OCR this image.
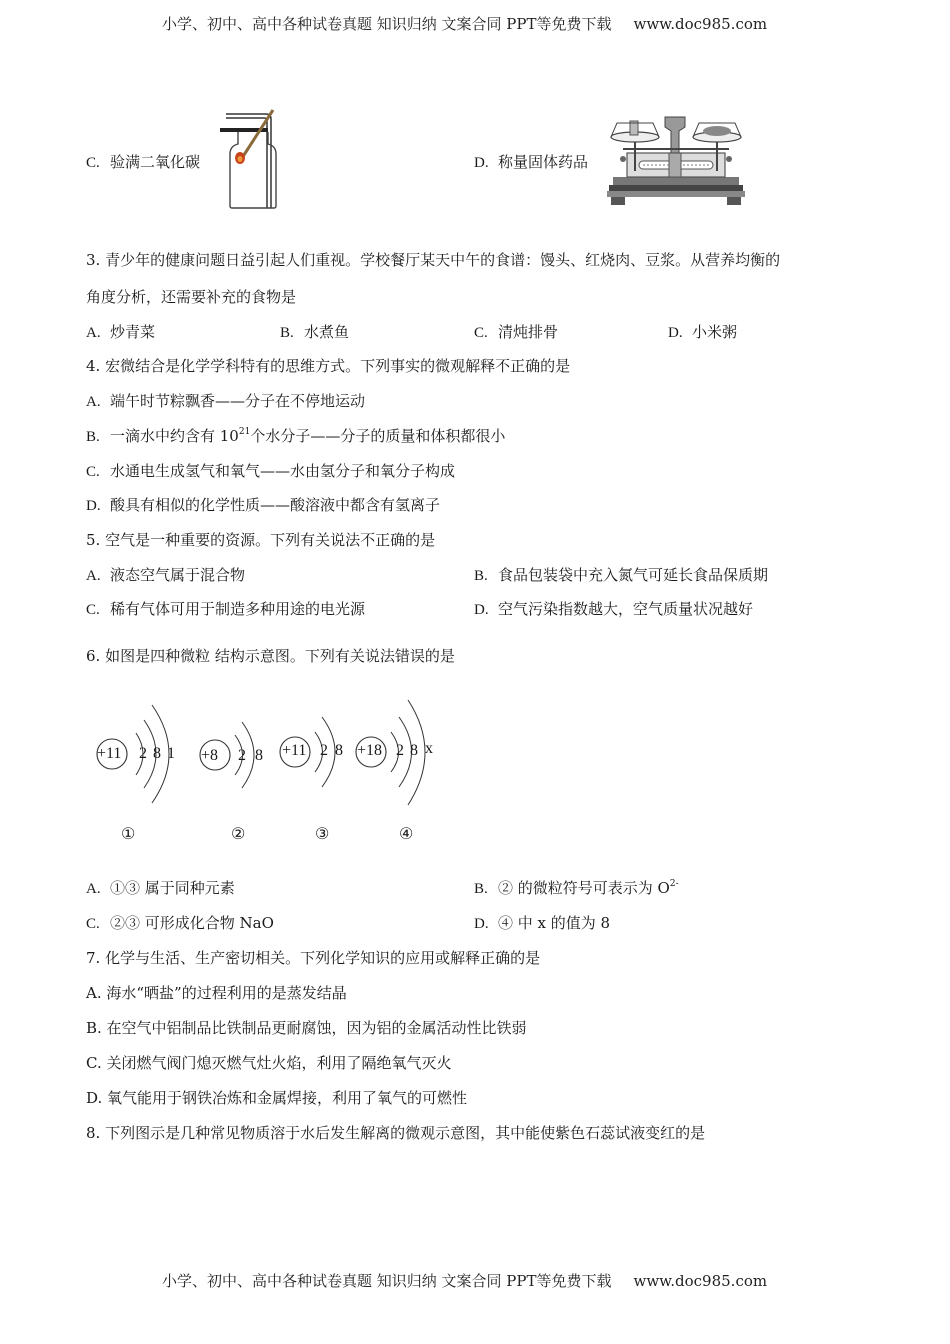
小学、初中、高中各种试卷真题 知识归纳 文案合同 PPT等免费下载 www.doc985.com
C. 验满二氧化碳	D. 称量固体药品
3. 青少年的健康问题日益引起人们重视。学校餐厅某天中午的食谱：馒头、红烧肉、豆浆。从营养均衡的
角度分析，还需要补充的食物是
A. 炒青菜	B. 水煮鱼	C. 清炖排骨	D. 小米粥
4. 宏微结合是化学学科特有的思维方式。下列事实的微观解释不正确的是
A. 端午时节粽飘香——分子在不停地运动
B. 一滴水中约含有 $10^{21}$个水分子——分子的质量和体积都很小
C. 水通电生成氢气和氧气——水由氢分子和氧分子构成
D. 酸具有相似的化学性质——酸溶液中都含有氢离子
5. 空气是一种重要的资源。下列有关说法不正确的是
A. 液态空气属于混合物	B. 食品包装袋中充入氮气可延长食品保质期
C. 稀有气体可用于制造多种用途的电光源	D. 空气污染指数越大，空气质量状况越好
6. 如图是四种微粒 结构示意图。下列有关说法错误的是
+11 2 8 1 +8 2 8 +11 2 8 +18 2 8 x
①	②	③	④
A. ①③ 属于同种元素	B. ② 的微粒符号可表示为 $O^{2-}$
C. ②③ 可形成化合物 NaO	D. ④ 中 x 的值为 8
7. 化学与生活、生产密切相关。下列化学知识的应用或解释正确的是
A. 海水“晒盐”的过程利用的是蒸发结晶
B. 在空气中铝制品比铁制品更耐腐蚀，因为铝的金属活动性比铁弱
C. 关闭燃气阀门熄灭燃气灶火焰，利用了隔绝氧气灭火
D. 氧气能用于钢铁冶炼和金属焊接，利用了氧气的可燃性
8. 下列图示是几种常见物质溶于水后发生解离的微观示意图，其中能使紫色石蕊试液变红的是
小学、初中、高中各种试卷真题 知识归纳 文案合同 PPT等免费下载 www.doc985.com
